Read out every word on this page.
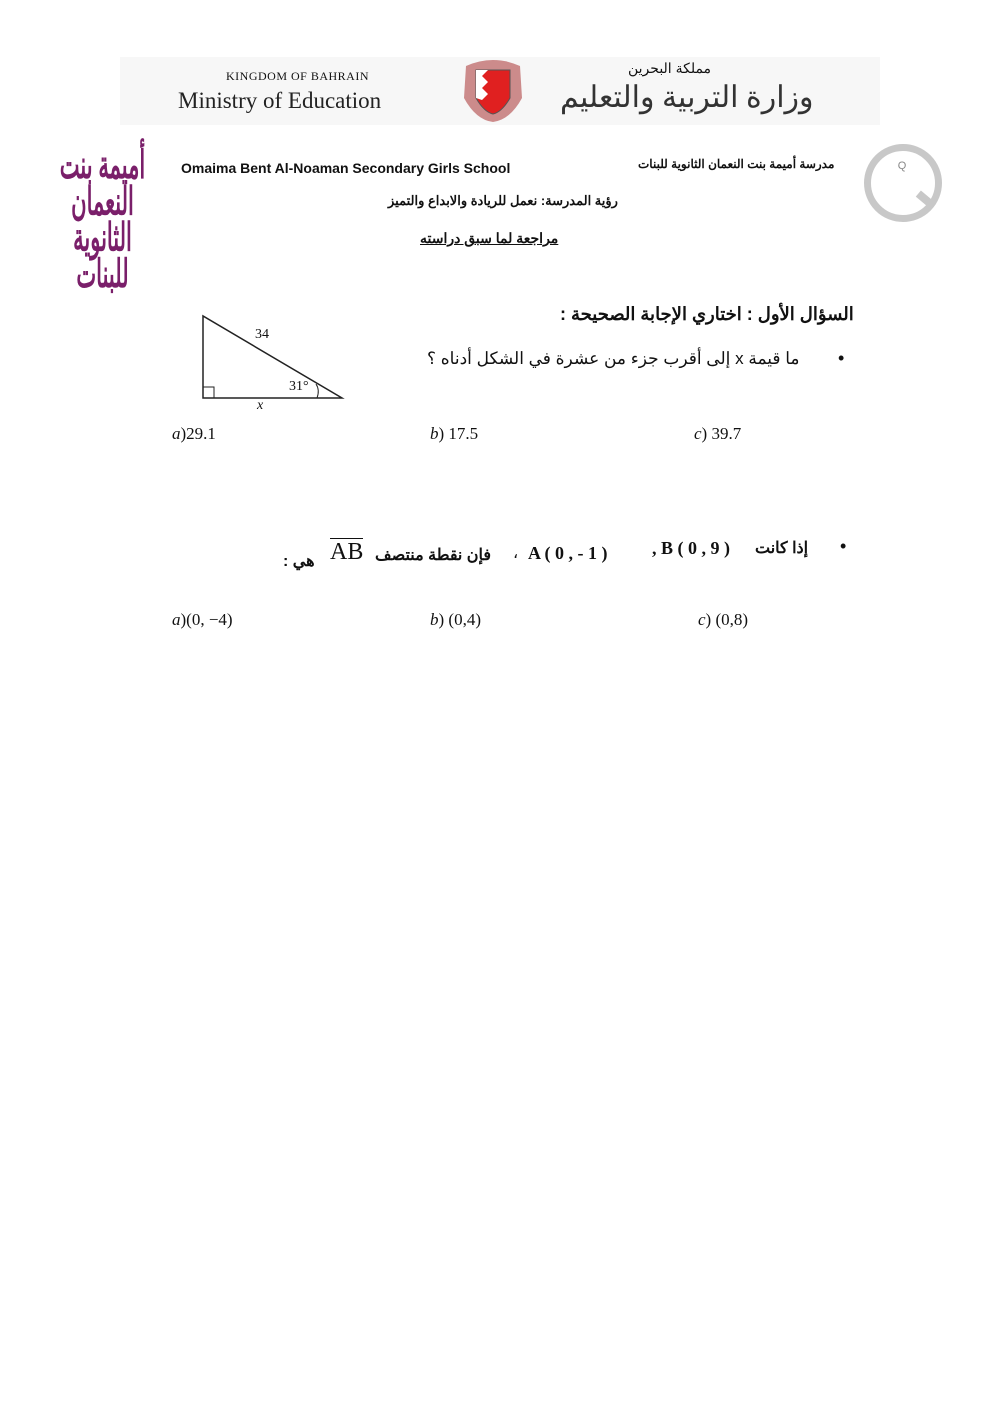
KINGDOM OF BAHRAIN
Ministry of Education
مملكة البحرين
وزارة التربية والتعليم
أميمة بنت النعمان الثانوية للبنات
Omaima Bent Al-Noaman Secondary Girls School	مدرسة أميمة بنت النعمان الثانوية للبنات	Q
رؤية المدرسة: نعمل للريادة والابداع والتميز
مراجعة لما سبق دراسته
السؤال الأول : اختاري الإجابة الصحيحة :
•
ما قيمة x إلى أقرب جزء من عشرة في الشكل أدناه ؟
34
31°
x
a)29.1	b) 17.5	c) 39.7
•
إذا كانت
, B ( 0 , 9 )
A ( 0 , - 1 )
،
فإن نقطة منتصف
AB
هي :
a)(0, −4)	b) (0,4)	c) (0,8)
